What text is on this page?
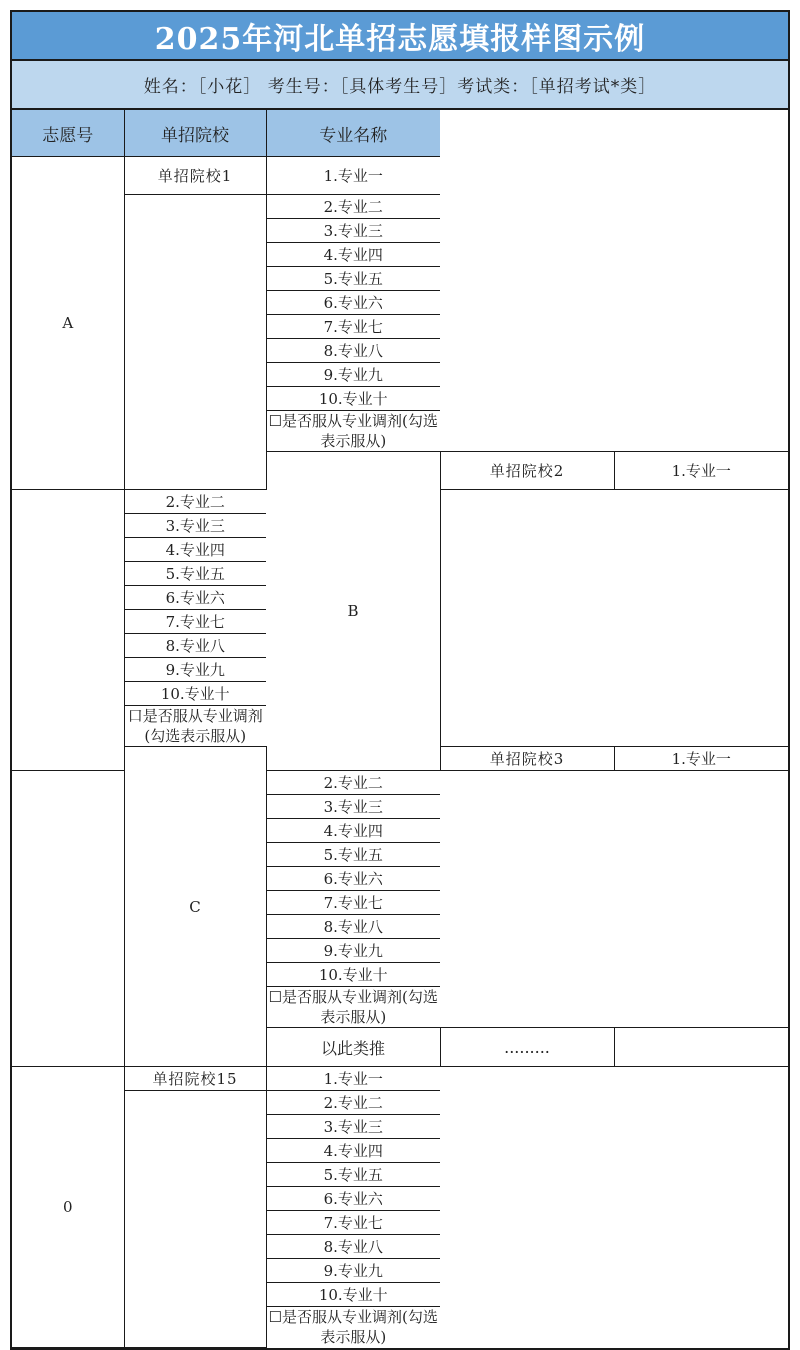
2025年河北单招志愿填报样图示例
姓名：［小花］ 考生号：［具体考生号］考试类：［单招考试*类］
志愿号	单招院校	专业名称		
A	单招院校1	1.专业一		
		2.专业二		
		3.专业三		
		4.专业四		
		5.专业五		
		6.专业六		
		7.专业七		
		8.专业八		
		9.专业九		
		10.专业十		
		☐是否服从专业调剂(勾选表示服从)		
		B	单招院校2	1.专业一
	2.专业二			
	3.专业三			
	4.专业四			
	5.专业五			
	6.专业六			
	7.专业七			
	8.专业八			
	9.专业九			
	10.专业十			
	口是否服从专业调剂(勾选表示服从)			
	C		单招院校3	1.专业一
		2.专业二		
		3.专业三		
		4.专业四		
		5.专业五		
		6.专业六		
		7.专业七		
		8.专业八		
		9.专业九		
		10.专业十		
		☐是否服从专业调剂(勾选表示服从)		
		以此类推	.........	
0	单招院校15	1.专业一		
		2.专业二		
		3.专业三		
		4.专业四		
		5.专业五		
		6.专业六		
		7.专业七		
		8.专业八		
		9.专业九		
		10.专业十		
		☐是否服从专业调剂(勾选表示服从)		
